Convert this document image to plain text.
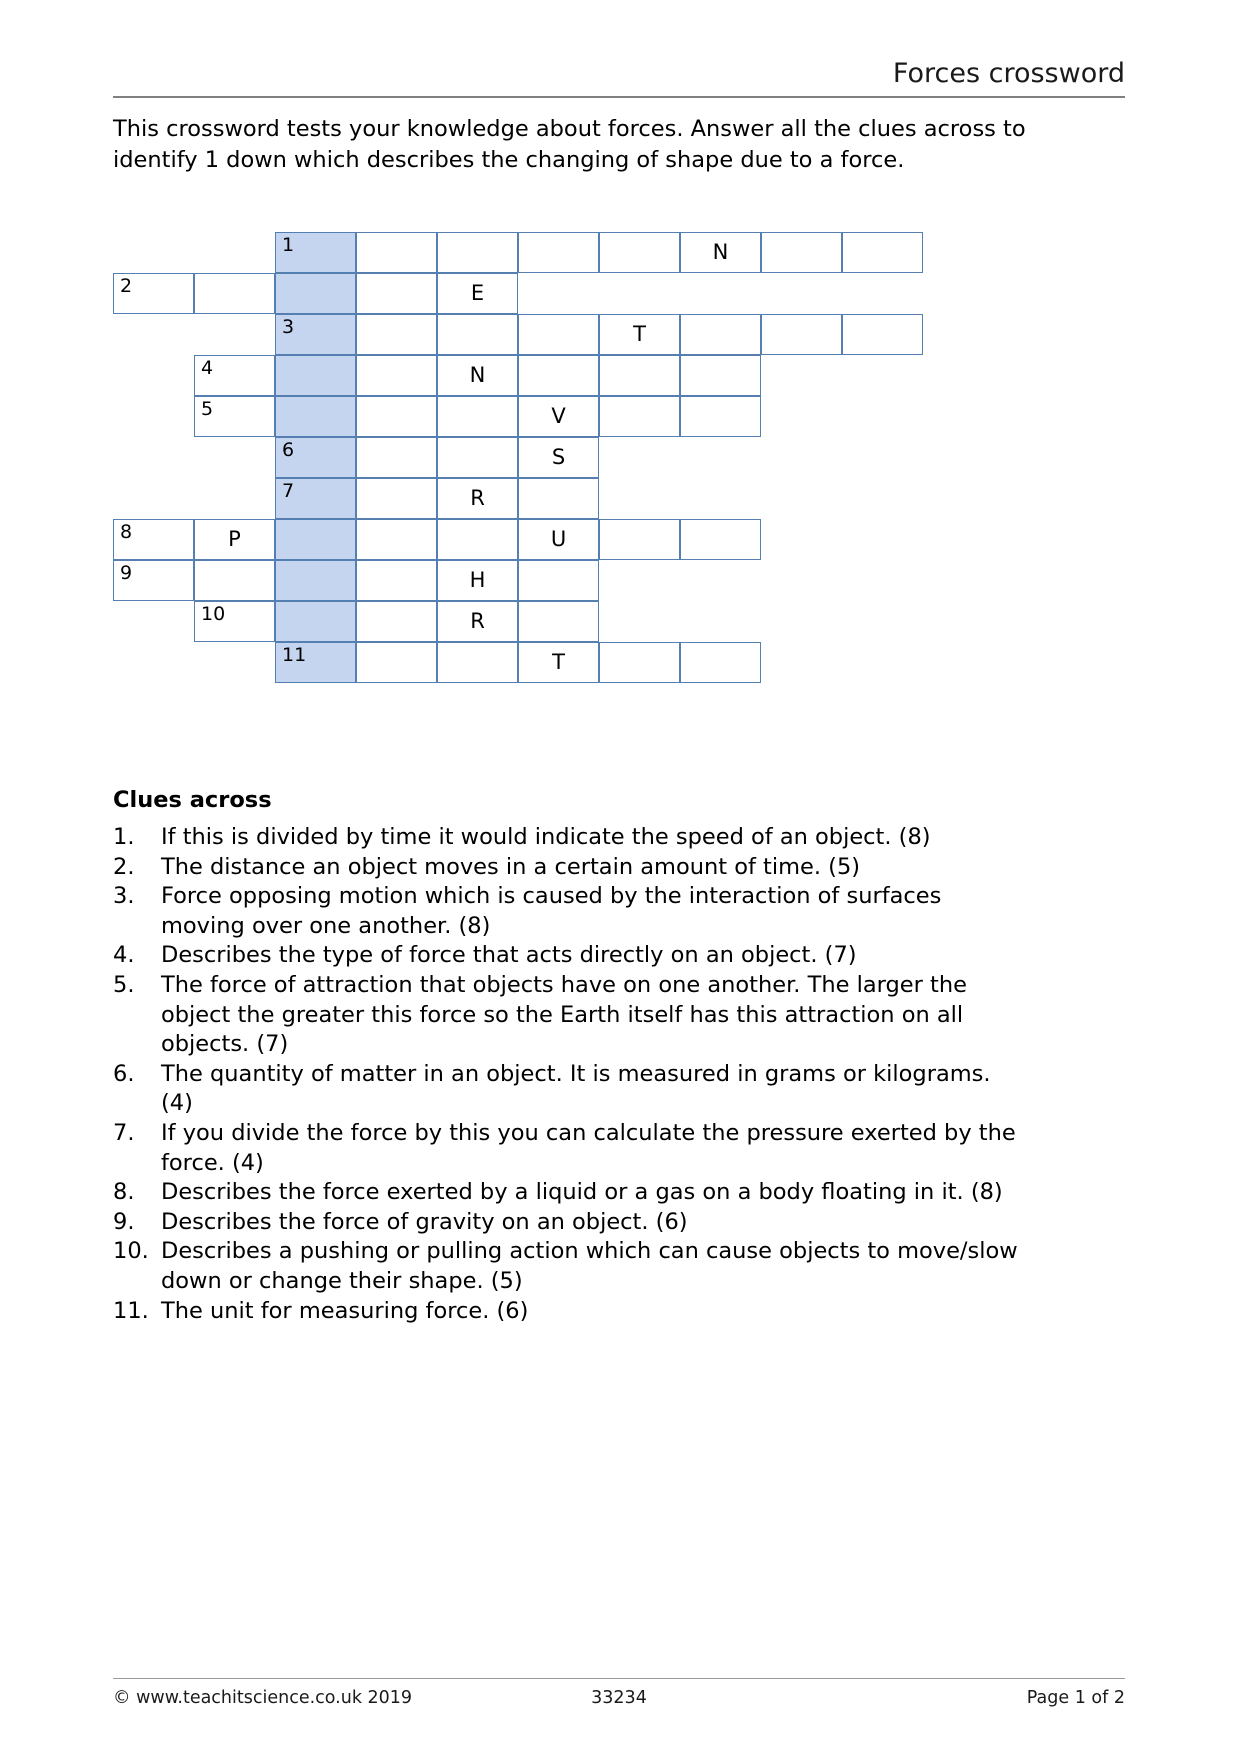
Forces crossword
This crossword tests your knowledge about forces. Answer all the clues across to identify 1 down which describes the changing of shape due to a force.
1	N
2	E
3	T
4	N
5	V
6	S
7	R
8	P	U
9	H
10	R
11	T
Clues across
1.	If this is divided by time it would indicate the speed of an object. (8)
2.	The distance an object moves in a certain amount of time. (5)
3.	Force opposing motion which is caused by the interaction of surfaces moving over one another. (8)
4.	Describes the type of force that acts directly on an object. (7)
5.	The force of attraction that objects have on one another. The larger the object the greater this force so the Earth itself has this attraction on all objects. (7)
6.	The quantity of matter in an object. It is measured in grams or kilograms. (4)
7.	If you divide the force by this you can calculate the pressure exerted by the force. (4)
8.	Describes the force exerted by a liquid or a gas on a body floating in it. (8)
9.	Describes the force of gravity on an object. (6)
10. Describes a pushing or pulling action which can cause objects to move/slow down or change their shape. (5)
11. The unit for measuring force. (6)
© www.teachitscience.co.uk 2019	33234	Page 1 of 2
